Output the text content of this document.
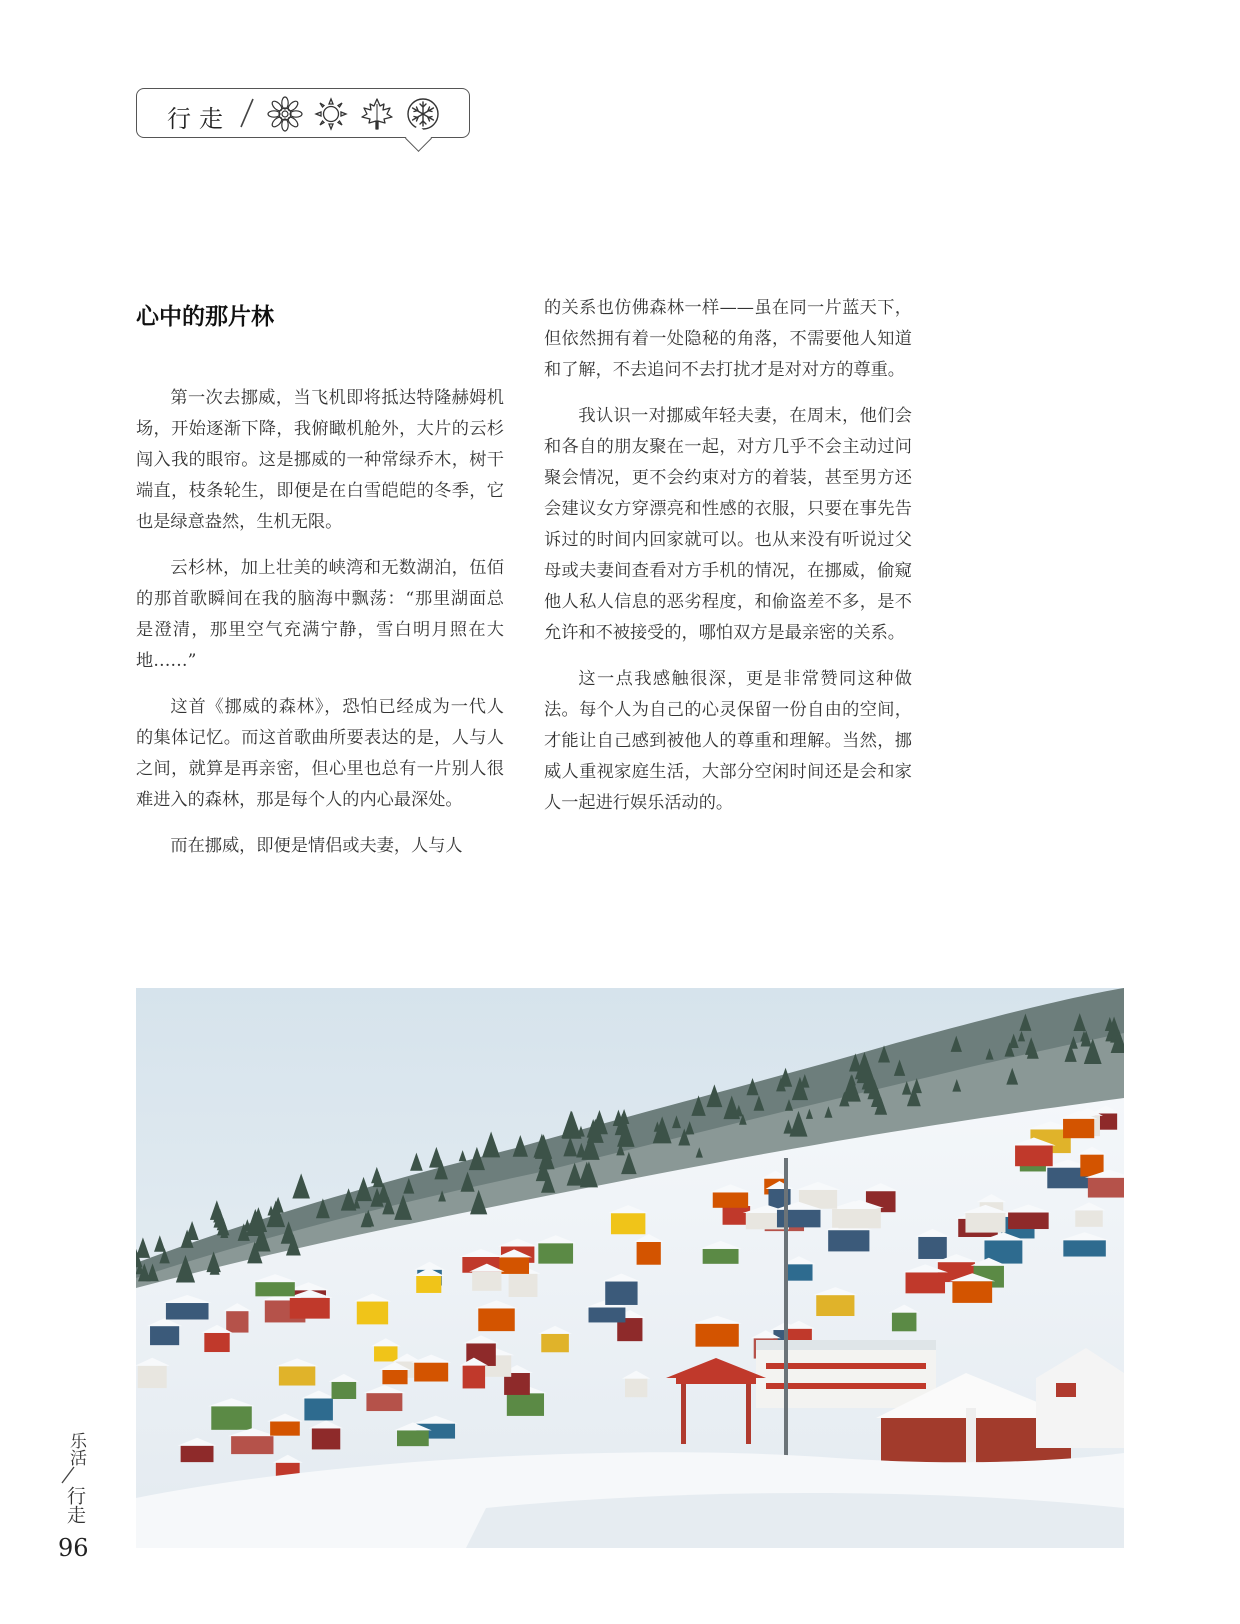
行走
心中的那片林

第一次去挪威，当飞机即将抵达特隆赫姆机场，开始逐渐下降，我俯瞰机舱外，大片的云杉闯入我的眼帘。这是挪威的一种常绿乔木，树干端直，枝条轮生，即便是在白雪皑皑的冬季，它也是绿意盎然，生机无限。

云杉林，加上壮美的峡湾和无数湖泊，伍佰的那首歌瞬间在我的脑海中飘荡：“那里湖面总是澄清，那里空气充满宁静，雪白明月照在大地……”

这首《挪威的森林》，恐怕已经成为一代人的集体记忆。而这首歌曲所要表达的是，人与人之间，就算是再亲密，但心里也总有一片别人很难进入的森林，那是每个人的内心最深处。

而在挪威，即便是情侣或夫妻，人与人

的关系也仿佛森林一样——虽在同一片蓝天下，但依然拥有着一处隐秘的角落，不需要他人知道和了解，不去追问不去打扰才是对对方的尊重。

我认识一对挪威年轻夫妻，在周末，他们会和各自的朋友聚在一起，对方几乎不会主动过问聚会情况，更不会约束对方的着装，甚至男方还会建议女方穿漂亮和性感的衣服，只要在事先告诉过的时间内回家就可以。也从来没有听说过父母或夫妻间查看对方手机的情况，在挪威，偷窥他人私人信息的恶劣程度，和偷盗差不多，是不允许和不被接受的，哪怕双方是最亲密的关系。

这一点我感触很深，更是非常赞同这种做法。每个人为自己的心灵保留一份自由的空间，才能让自己感到被他人的尊重和理解。当然，挪威人重视家庭生活，大部分空闲时间还是会和家人一起进行娱乐活动的。

乐活
行走
96
